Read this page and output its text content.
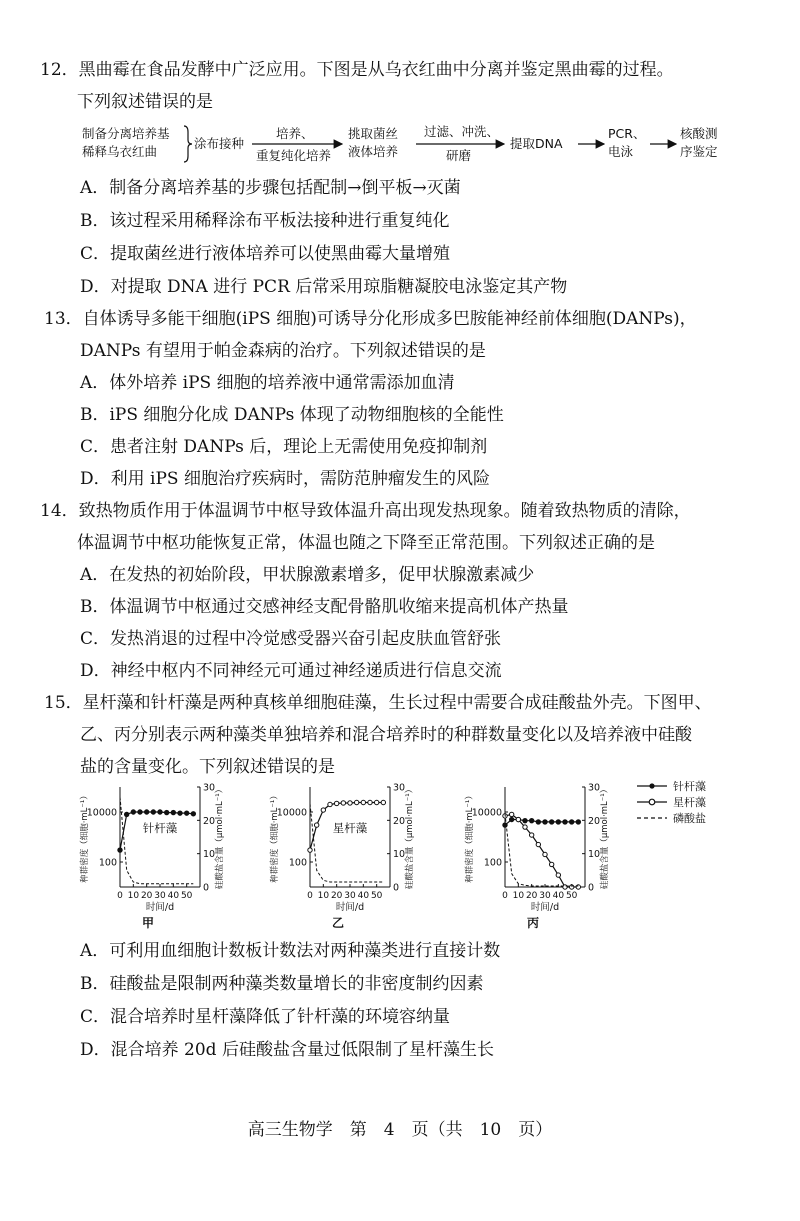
12．黑曲霉在食品发酵中广泛应用。下图是从乌衣红曲中分离并鉴定黑曲霉的过程。
下列叙述错误的是
制备分离培养基
稀释乌衣红曲
涂布接种
培养、
重复纯化培养
挑取菌丝
液体培养
过滤、冲洗、
研磨
提取DNA
PCR、
电泳
核酸测
序鉴定
A．制备分离培养基的步骤包括配制→倒平板→灭菌
B．该过程采用稀释涂布平板法接种进行重复纯化
C．提取菌丝进行液体培养可以使黑曲霉大量增殖
D．对提取 DNA 进行 PCR 后常采用琼脂糖凝胶电泳鉴定其产物
13．自体诱导多能干细胞(iPS 细胞)可诱导分化形成多巴胺能神经前体细胞(DANPs)，
DANPs 有望用于帕金森病的治疗。下列叙述错误的是
A．体外培养 iPS 细胞的培养液中通常需添加血清
B．iPS 细胞分化成 DANPs 体现了动物细胞核的全能性
C．患者注射 DANPs 后，理论上无需使用免疫抑制剂
D．利用 iPS 细胞治疗疾病时，需防范肿瘤发生的风险
14．致热物质作用于体温调节中枢导致体温升高出现发热现象。随着致热物质的清除，
体温调节中枢功能恢复正常，体温也随之下降至正常范围。下列叙述正确的是
A．在发热的初始阶段，甲状腺激素增多，促甲状腺激素减少
B．体温调节中枢通过交感神经支配骨骼肌收缩来提高机体产热量
C．发热消退的过程中冷觉感受器兴奋引起皮肤血管舒张
D．神经中枢内不同神经元可通过神经递质进行信息交流
15．星杆藻和针杆藻是两种真核单细胞硅藻，生长过程中需要合成硅酸盐外壳。下图甲、
乙、丙分别表示两种藻类单独培养和混合培养时的种群数量变化以及培养液中硅酸
盐的含量变化。下列叙述错误的是
100
10000
0
10
20
30
0 10 20 30 40 50
时间/d
种群密度（细胞·mL⁻¹）	硅酸盐含量（μmol·mL⁻¹）
甲
针杆藻
100
10000
0
10
20
30
0 10 20 30 40 50
时间/d
种群密度（细胞·mL⁻¹）	硅酸盐含量（μmol·mL⁻¹）
乙
星杆藻
100
10000
0
10
20
30
0 10 20 30 40 50
时间/d
种群密度（细胞·mL⁻¹）	硅酸盐含量（μmol·mL⁻¹）
丙
针杆藻
星杆藻
磷酸盐
A．可利用血细胞计数板计数法对两种藻类进行直接计数
B．硅酸盐是限制两种藻类数量增长的非密度制约因素
C．混合培养时星杆藻降低了针杆藻的环境容纳量
D．混合培养 20d 后硅酸盐含量过低限制了星杆藻生长
高三生物学　第　4　页（共　10　页）
